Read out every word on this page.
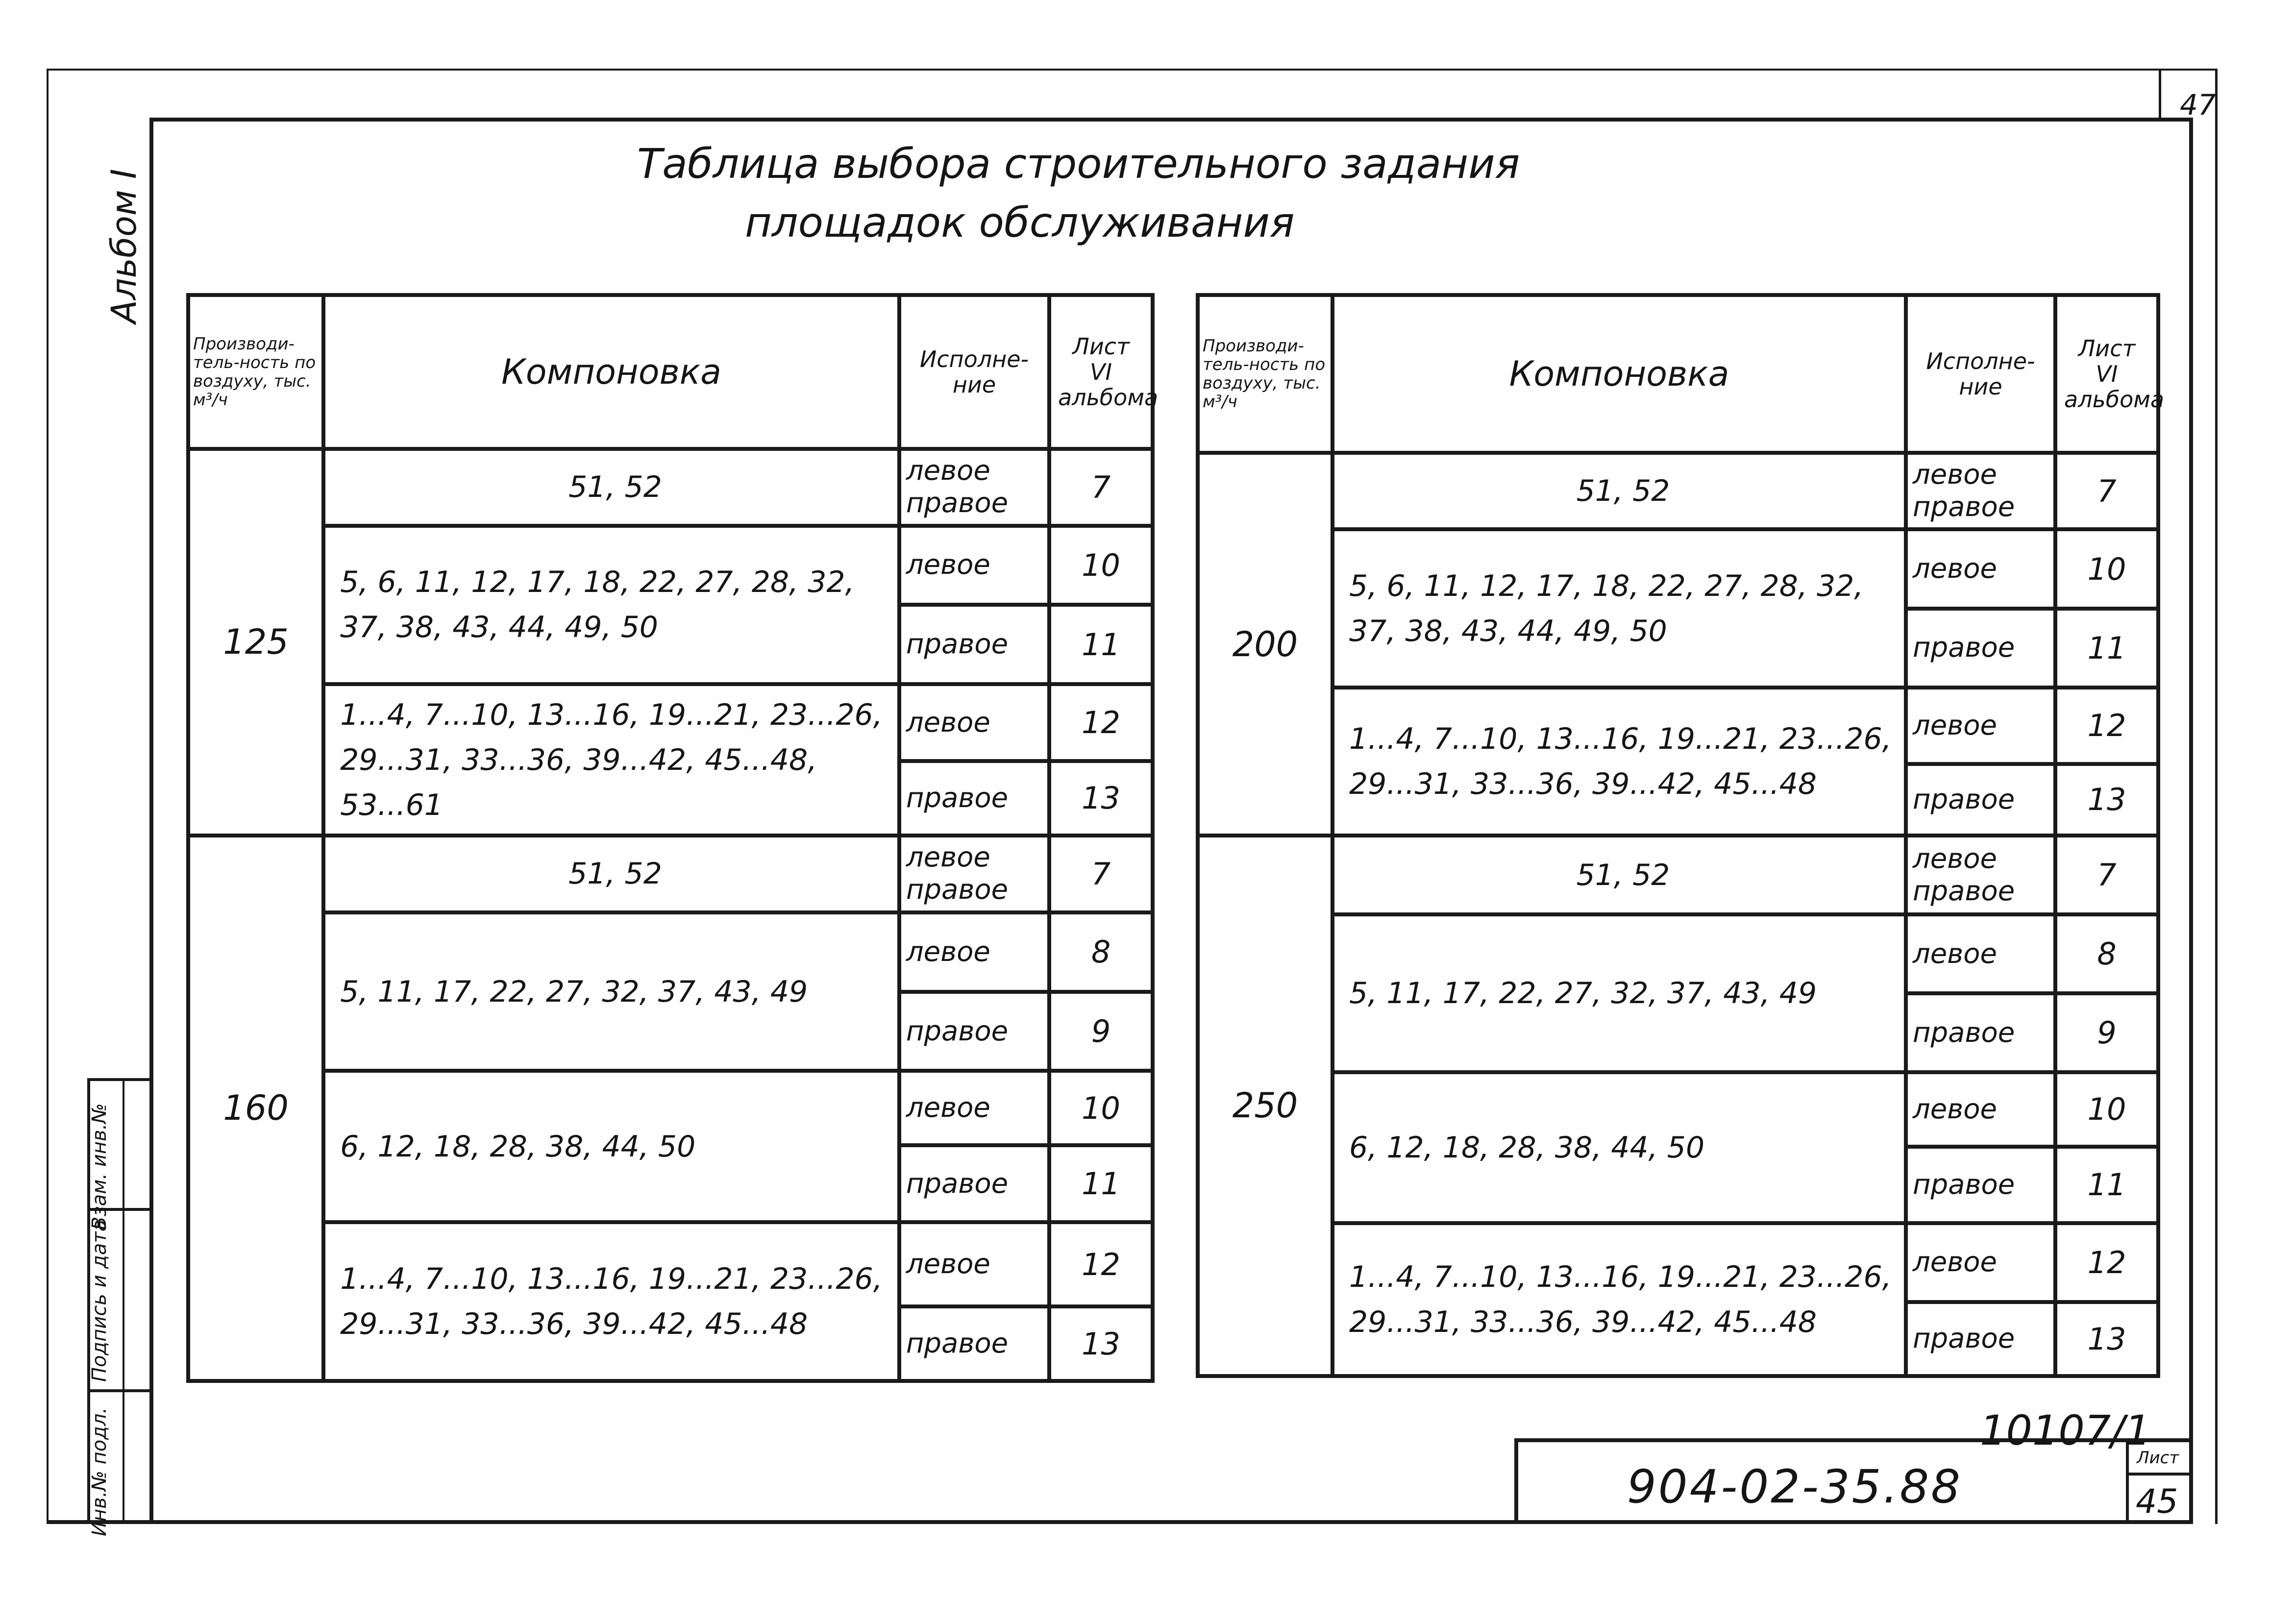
47
Альбом I
Таблица выбора строительного задания
площадок обслуживания
Инв.№ подл.
Подпись и дата
Взам. инв.№
Производи-тель-ность по воздуху, тыс. м³/ч	Компоновка	Исполне-ние	Лист VI альбома
125	51, 52	левое правое	7
	5, 6, 11, 12, 17, 18, 22, 27, 28, 32, 37, 38, 43, 44, 49, 50	левое	10
		правое	11
	1...4, 7...10, 13...16, 19...21, 23...26, 29...31, 33...36, 39...42, 45...48, 53...61	левое	12
		правое	13
160	51, 52	левое правое	7
	5, 11, 17, 22, 27, 32, 37, 43, 49	левое	8
		правое	9
	6, 12, 18, 28, 38, 44, 50	левое	10
		правое	11
	1...4, 7...10, 13...16, 19...21, 23...26, 29...31, 33...36, 39...42, 45...48	левое	12
		правое	13
Производи-тель-ность по воздуху, тыс. м³/ч	Компоновка	Исполне-ние	Лист VI альбома
200	51, 52	левое правое	7
	5, 6, 11, 12, 17, 18, 22, 27, 28, 32, 37, 38, 43, 44, 49, 50	левое	10
		правое	11
	1...4, 7...10, 13...16, 19...21, 23...26, 29...31, 33...36, 39...42, 45...48	левое	12
		правое	13
250	51, 52	левое правое	7
	5, 11, 17, 22, 27, 32, 37, 43, 49	левое	8
		правое	9
	6, 12, 18, 28, 38, 44, 50	левое	10
		правое	11
	1...4, 7...10, 13...16, 19...21, 23...26, 29...31, 33...36, 39...42, 45...48	левое	12
		правое	13
10107/1
904-02-35.88
Лист
45
